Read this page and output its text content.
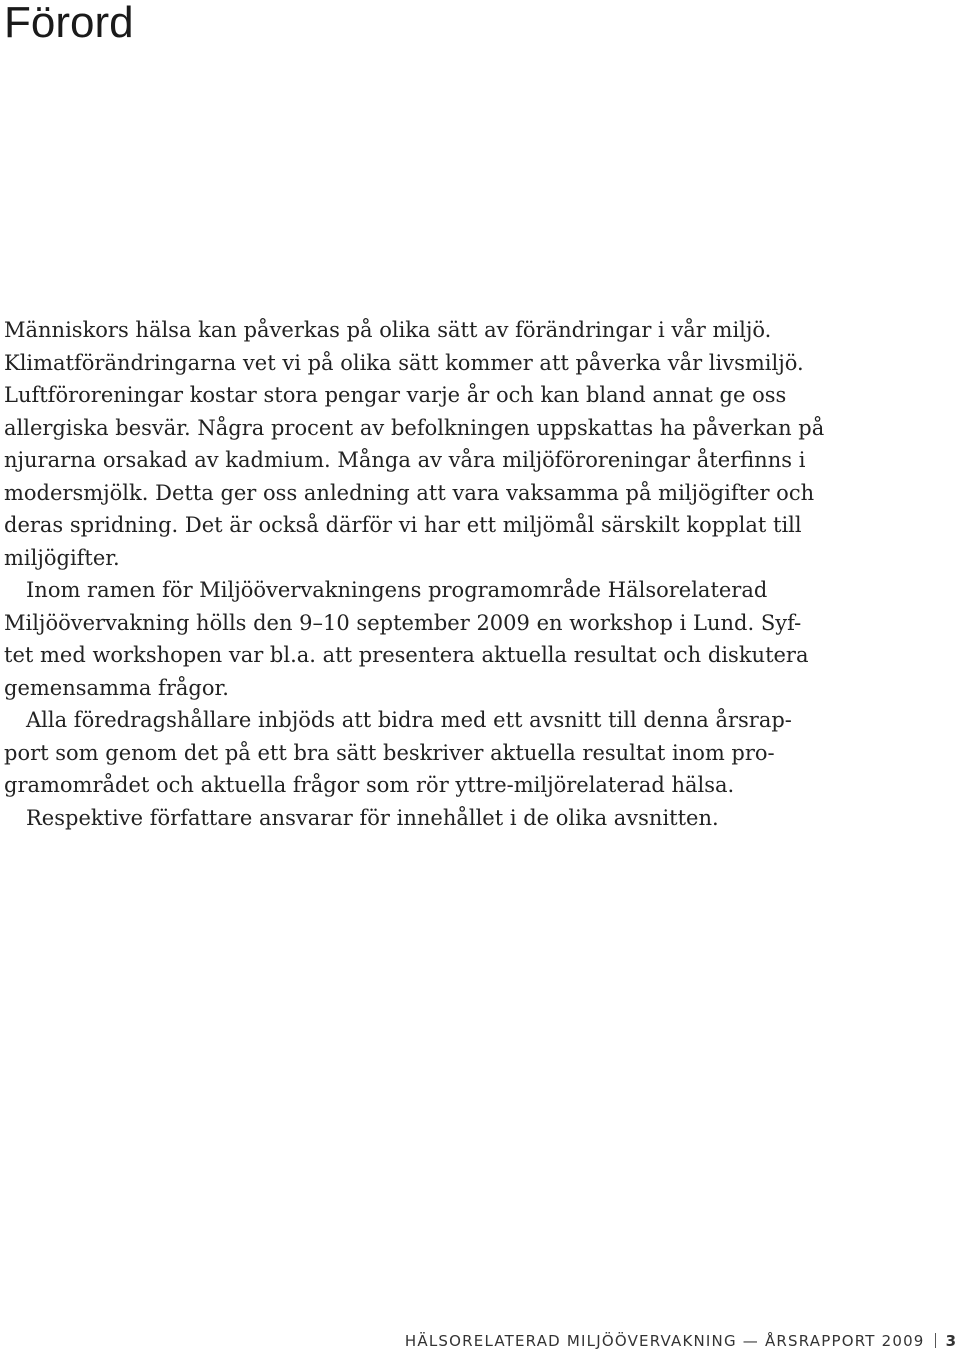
Förord

Människors hälsa kan påverkas på olika sätt av förändringar i vår miljö.
Klimatförändringarna vet vi på olika sätt kommer att påverka vår livsmiljö.
Luftföroreningar kostar stora pengar varje år och kan bland annat ge oss
allergiska besvär. Några procent av befolkningen uppskattas ha påverkan på
njurarna orsakad av kadmium. Många av våra miljöföroreningar återfinns i
modersmjölk. Detta ger oss anledning att vara vaksamma på miljögifter och
deras spridning. Det är också därför vi har ett miljömål särskilt kopplat till
miljögifter.

Inom ramen för Miljöövervakningens programområde Hälsorelaterad
Miljöövervakning hölls den 9–10 september 2009 en workshop i Lund. Syf-
tet med workshopen var bl.a. att presentera aktuella resultat och diskutera
gemensamma frågor.

Alla föredragshållare inbjöds att bidra med ett avsnitt till denna årsrap-
port som genom det på ett bra sätt beskriver aktuella resultat inom pro-
gramområdet och aktuella frågor som rör yttre-miljörelaterad hälsa.

Respektive författare ansvarar för innehållet i de olika avsnitten.

HÄLSORELATERAD MILJÖÖVERVAKNING — ÅRSRAPPORT 2009 3
